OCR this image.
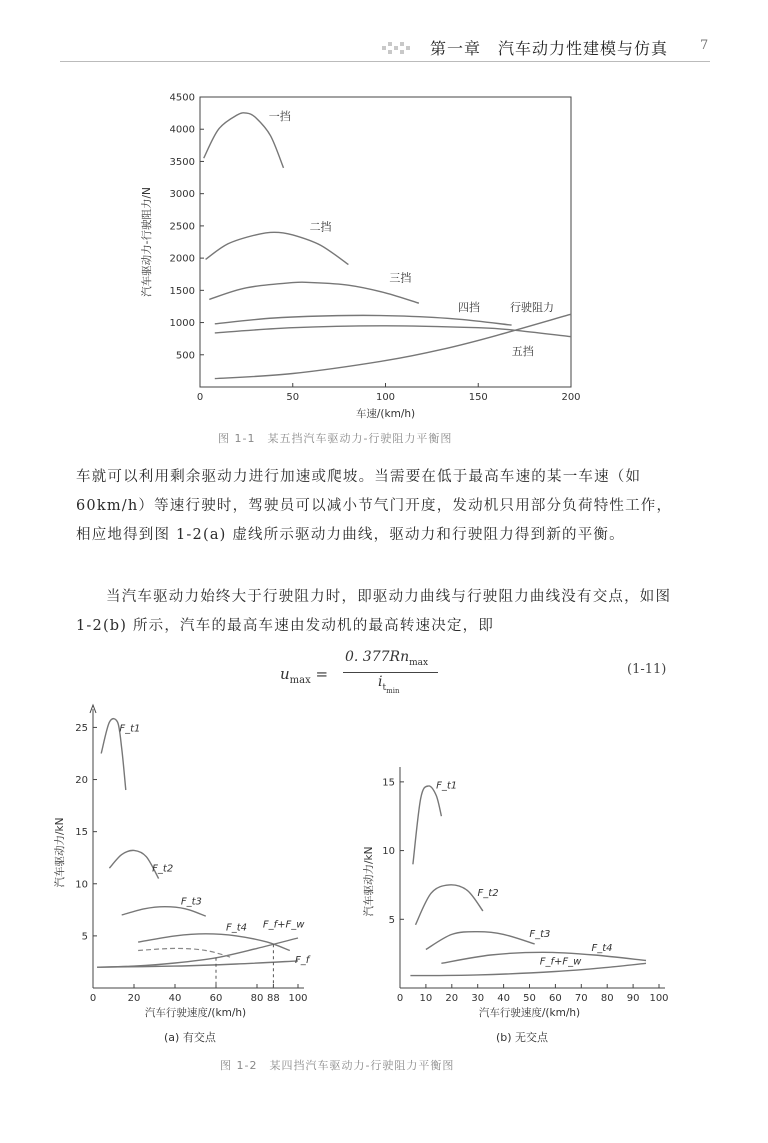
第一章　汽车动力性建模与仿真 7
0	50	100	150	200
500
1000
1500
2000
2500
3000
3500
4000
4500
车速/(km/h)
汽车驱动力-行驶阻力/N
一挡
二挡
三挡
四挡	行驶阻力
五挡
图 1-1　某五挡汽车驱动力-行驶阻力平衡图
车就可以利用剩余驱动力进行加速或爬坡。当需要在低于最高车速的某一车速（如 60km/h）等速行驶时，驾驶员可以减小节气门开度，发动机只用部分负荷特性工作，相应地得到图 1-2(a) 虚线所示驱动力曲线，驱动力和行驶阻力得到新的平衡。
当汽车驱动力始终大于行驶阻力时，即驱动力曲线与行驶阻力曲线没有交点，如图 1-2(b) 所示，汽车的最高车速由发动机的最高转速决定，即
$u_{max}$ =
0. $377Rn_{max}$
$i_{t_{min}}$
(1-11)
0	20	40	60	80 88 100
5
10
15
20
25
汽车行驶速度/(km/h)
汽车驱动力/kN
F_t1
F_t2
F_t3
F_t4 F_f+F_w
F_f
0 10 20 30 40 50 60 70 80 90 100
5
10
15
汽车行驶速度/(km/h)
汽车驱动力/kN
F_t1
F_t2
F_t3
F_t4
F_f+F_w
(a) 有交点	(b) 无交点
图 1-2　某四挡汽车驱动力-行驶阻力平衡图
